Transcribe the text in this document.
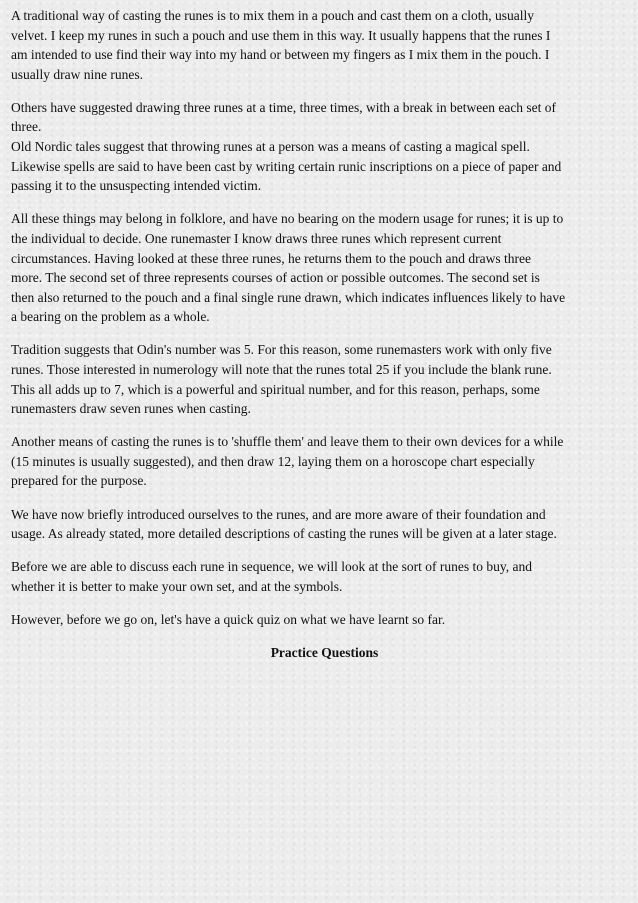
A traditional way of casting the runes is to mix them in a pouch and cast them on a cloth, usually
velvet. I keep my runes in such a pouch and use them in this way. It usually happens that the runes I
am intended to use find their way into my hand or between my fingers as I mix them in the pouch. I
usually draw nine runes.

Others have suggested drawing three runes at a time, three times, with a break in between each set of
three.
Old Nordic tales suggest that throwing runes at a person was a means of casting a magical spell.
Likewise spells are said to have been cast by writing certain runic inscriptions on a piece of paper and
passing it to the unsuspecting intended victim.

All these things may belong in folklore, and have no bearing on the modern usage for runes; it is up to
the individual to decide. One runemaster I know draws three runes which represent current
circumstances. Having looked at these three runes, he returns them to the pouch and draws three
more. The second set of three represents courses of action or possible outcomes. The second set is
then also returned to the pouch and a final single rune drawn, which indicates influences likely to have
a bearing on the problem as a whole.

Tradition suggests that Odin's number was 5. For this reason, some runemasters work with only five
runes. Those interested in numerology will note that the runes total 25 if you include the blank rune.
This all adds up to 7, which is a powerful and spiritual number, and for this reason, perhaps, some
runemasters draw seven runes when casting.

Another means of casting the runes is to 'shuffle them' and leave them to their own devices for a while
(15 minutes is usually suggested), and then draw 12, laying them on a horoscope chart especially
prepared for the purpose.

We have now briefly introduced ourselves to the runes, and are more aware of their foundation and
usage. As already stated, more detailed descriptions of casting the runes will be given at a later stage.

Before we are able to discuss each rune in sequence, we will look at the sort of runes to buy, and
whether it is better to make your own set, and at the symbols.

However, before we go on, let's have a quick quiz on what we have learnt so far.

Practice Questions
